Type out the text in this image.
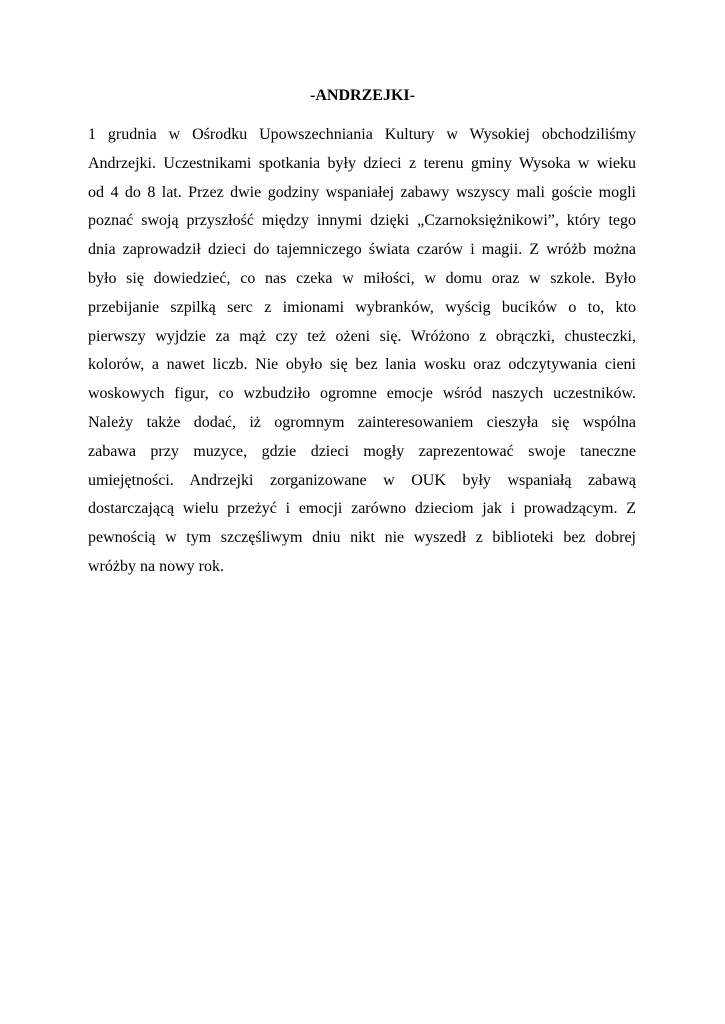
-ANDRZEJKI-
1 grudnia w Ośrodku Upowszechniania Kultury w Wysokiej obchodziliśmy
Andrzejki. Uczestnikami spotkania były dzieci z terenu gminy Wysoka w wieku
od 4 do 8 lat. Przez dwie godziny wspaniałej zabawy wszyscy mali goście mogli
poznać swoją przyszłość między innymi dzięki „Czarnoksiężnikowi”, który tego
dnia zaprowadził dzieci do tajemniczego świata czarów i magii. Z wróżb można
było się dowiedzieć, co nas czeka w miłości, w domu oraz w szkole. Było
przebijanie szpilką serc z imionami wybranków, wyścig bucików o to, kto
pierwszy wyjdzie za mąż czy też ożeni się. Wróżono z obrączki, chusteczki,
kolorów, a nawet liczb. Nie obyło się bez lania wosku oraz odczytywania cieni
woskowych figur, co wzbudziło ogromne emocje wśród naszych uczestników.
Należy także dodać, iż ogromnym zainteresowaniem cieszyła się wspólna
zabawa przy muzyce, gdzie dzieci mogły zaprezentować swoje taneczne
umiejętności. Andrzejki zorganizowane w OUK były wspaniałą zabawą
dostarczającą wielu przeżyć i emocji zarówno dzieciom jak i prowadzącym. Z
pewnością w tym szczęśliwym dniu nikt nie wyszedł z biblioteki bez dobrej
wróżby na nowy rok.
